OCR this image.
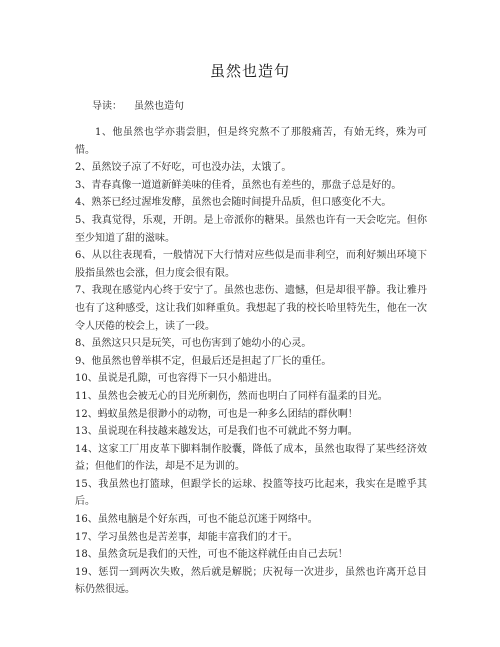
虽然也造句
导读： 虽然也造句

1、他虽然也学亦翡尝胆，但是终究熬不了那般痛苦，有始无终，殊为可惜。

2、虽然饺子凉了不好吃，可也没办法，太饿了。

3、青春真像一道道新鲜美味的佳肴，虽然也有差些的，那盘子总是好的。

4、熟茶已经过渥堆发酵，虽然也会随时间提升品质，但口感变化不大。

5、我真觉得，乐观，开朗。是上帝派你的糖果。虽然也许有一天会吃完。但你至少知道了甜的滋味。

6、从以往表现看，一般情况下大行情对应些似是而非利空，而利好频出环境下股指虽然也会涨，但力度会很有限。

7、我现在感觉内心终于安宁了。虽然也悲伤、遗憾，但是却很平静。我让雅丹也有了这种感受，这让我们如释重负。我想起了我的校长哈里特先生，他在一次令人厌倦的校会上，读了一段。

8、虽然这只只是玩笑，可也伤害到了她幼小的心灵。

9、他虽然也曾举棋不定，但最后还是担起了厂长的重任。

10、虽说是孔隙，可也容得下一只小船进出。

11、虽然也会被无心的目光所刺伤，然而也明白了同样有温柔的目光。

12、蚂蚁虽然是很渺小的动物，可也是一种多么团结的群伙啊！

13、虽说现在科技越来越发达，可是我们也不可就此不努力啊。

14、这家工厂用皮革下脚料制作胶囊，降低了成本，虽然也取得了某些经济效益；但他们的作法，却是不足为训的。

15、我虽然也打篮球，但跟学长的运球、投篮等技巧比起来，我实在是瞠乎其后。

16、虽然电脑是个好东西，可也不能总沉迷于网络中。

17、学习虽然也是苦差事，却能丰富我们的才干。

18、虽然贪玩是我们的天性，可也不能这样就任由自己去玩！

19、惩罚一到两次失败，然后就是解脱；庆祝每一次进步，虽然也许离开总目标仍然很远。
